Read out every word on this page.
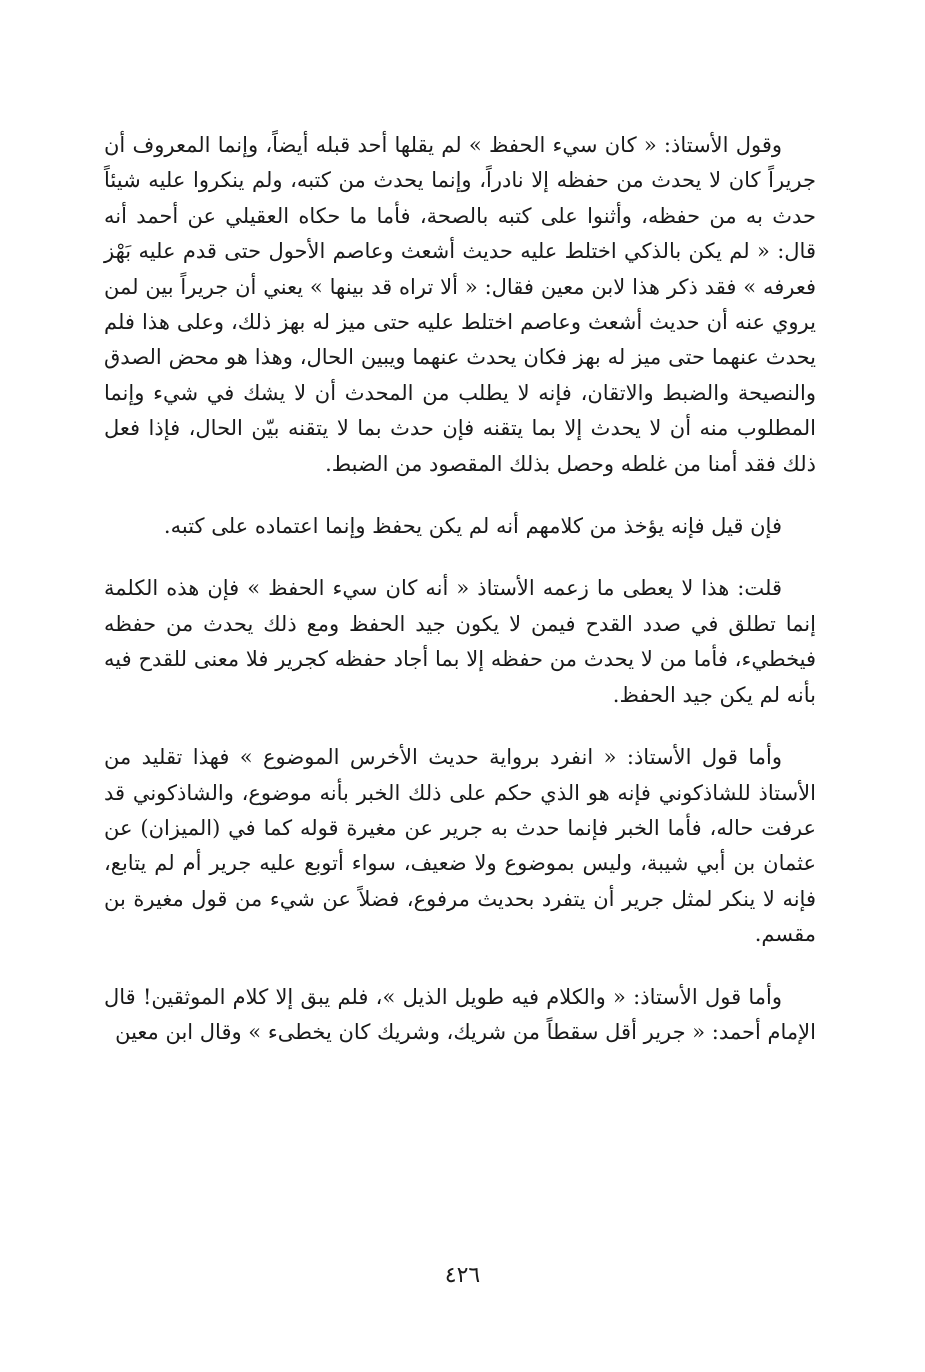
وقول الأستاذ: « كان سيء الحفظ » لم يقلها أحد قبله أيضاً، وإنما المعروف أن جريراً كان لا يحدث من حفظه إلا نادراً، وإنما يحدث من كتبه، ولم ينكروا عليه شيئاً حدث به من حفظه، وأثنوا على كتبه بالصحة، فأما ما حكاه العقيلي عن أحمد أنه قال: « لم يكن بالذكي اختلط عليه حديث أشعث وعاصم الأحول حتى قدم عليه بَهْز فعرفه » فقد ذكر هذا لابن معين فقال: « ألا تراه قد بينها » يعني أن جريراً بين لمن يروي عنه أن حديث أشعث وعاصم اختلط عليه حتى ميز له بهز ذلك، وعلى هذا فلم يحدث عنهما حتى ميز له بهز فكان يحدث عنهما ويبين الحال، وهذا هو محض الصدق والنصيحة والضبط والاتقان، فإنه لا يطلب من المحدث أن لا يشك في شيء وإنما المطلوب منه أن لا يحدث إلا بما يتقنه فإن حدث بما لا يتقنه بيّن الحال، فإذا فعل ذلك فقد أمنا من غلطه وحصل بذلك المقصود من الضبط.

فإن قيل فإنه يؤخذ من كلامهم أنه لم يكن يحفظ وإنما اعتماده على كتبه.

قلت: هذا لا يعطى ما زعمه الأستاذ « أنه كان سيء الحفظ » فإن هذه الكلمة إنما تطلق في صدد القدح فيمن لا يكون جيد الحفظ ومع ذلك يحدث من حفظه فيخطيء، فأما من لا يحدث من حفظه إلا بما أجاد حفظه كجرير فلا معنى للقدح فيه بأنه لم يكن جيد الحفظ.

وأما قول الأستاذ: « انفرد برواية حديث الأخرس الموضوع » فهذا تقليد من الأستاذ للشاذكوني فإنه هو الذي حكم على ذلك الخبر بأنه موضوع، والشاذكوني قد عرفت حاله، فأما الخبر فإنما حدث به جرير عن مغيرة قوله كما في (الميزان) عن عثمان بن أبي شيبة، وليس بموضوع ولا ضعيف، سواء أتوبع عليه جرير أم لم يتابع، فإنه لا ينكر لمثل جرير أن يتفرد بحديث مرفوع، فضلاً عن شيء من قول مغيرة بن مقسم.

وأما قول الأستاذ: « والكلام فيه طويل الذيل »، فلم يبق إلا كلام الموثقين! قال الإمام أحمد: « جرير أقل سقطاً من شريك، وشريك كان يخطىء » وقال ابن معين

٤٢٦
